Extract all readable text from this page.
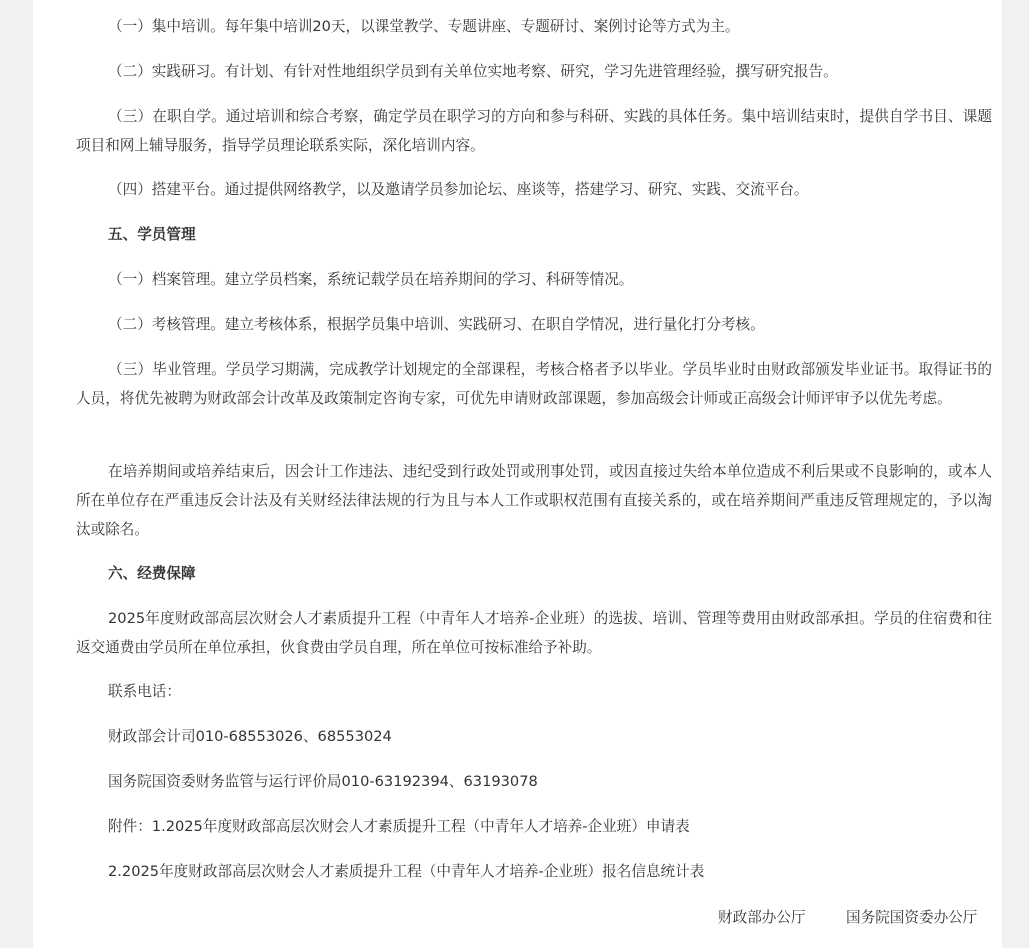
（一）集中培训。每年集中培训20天，以课堂教学、专题讲座、专题研讨、案例讨论等方式为主。

（二）实践研习。有计划、有针对性地组织学员到有关单位实地考察、研究，学习先进管理经验，撰写研究报告。

（三）在职自学。通过培训和综合考察，确定学员在职学习的方向和参与科研、实践的具体任务。集中培训结束时，提供自学书目、课题项目和网上辅导服务，指导学员理论联系实际，深化培训内容。

（四）搭建平台。通过提供网络教学，以及邀请学员参加论坛、座谈等，搭建学习、研究、实践、交流平台。

五、学员管理

（一）档案管理。建立学员档案，系统记载学员在培养期间的学习、科研等情况。

（二）考核管理。建立考核体系，根据学员集中培训、实践研习、在职自学情况，进行量化打分考核。

（三）毕业管理。学员学习期满，完成教学计划规定的全部课程，考核合格者予以毕业。学员毕业时由财政部颁发毕业证书。取得证书的人员，将优先被聘为财政部会计改革及政策制定咨询专家，可优先申请财政部课题，参加高级会计师或正高级会计师评审予以优先考虑。

在培养期间或培养结束后，因会计工作违法、违纪受到行政处罚或刑事处罚，或因直接过失给本单位造成不利后果或不良影响的，或本人所在单位存在严重违反会计法及有关财经法律法规的行为且与本人工作或职权范围有直接关系的，或在培养期间严重违反管理规定的，予以淘汰或除名。

六、经费保障

2025年度财政部高层次财会人才素质提升工程（中青年人才培养-企业班）的选拔、培训、管理等费用由财政部承担。学员的住宿费和往返交通费由学员所在单位承担，伙食费由学员自理，所在单位可按标准给予补助。

联系电话：

财政部会计司010-68553026、68553024

国务院国资委财务监管与运行评价局010-63192394、63193078

附件：1.2025年度财政部高层次财会人才素质提升工程（中青年人才培养-企业班）申请表

2.2025年度财政部高层次财会人才素质提升工程（中青年人才培养-企业班）报名信息统计表

财政部办公厅	国务院国资委办公厅
